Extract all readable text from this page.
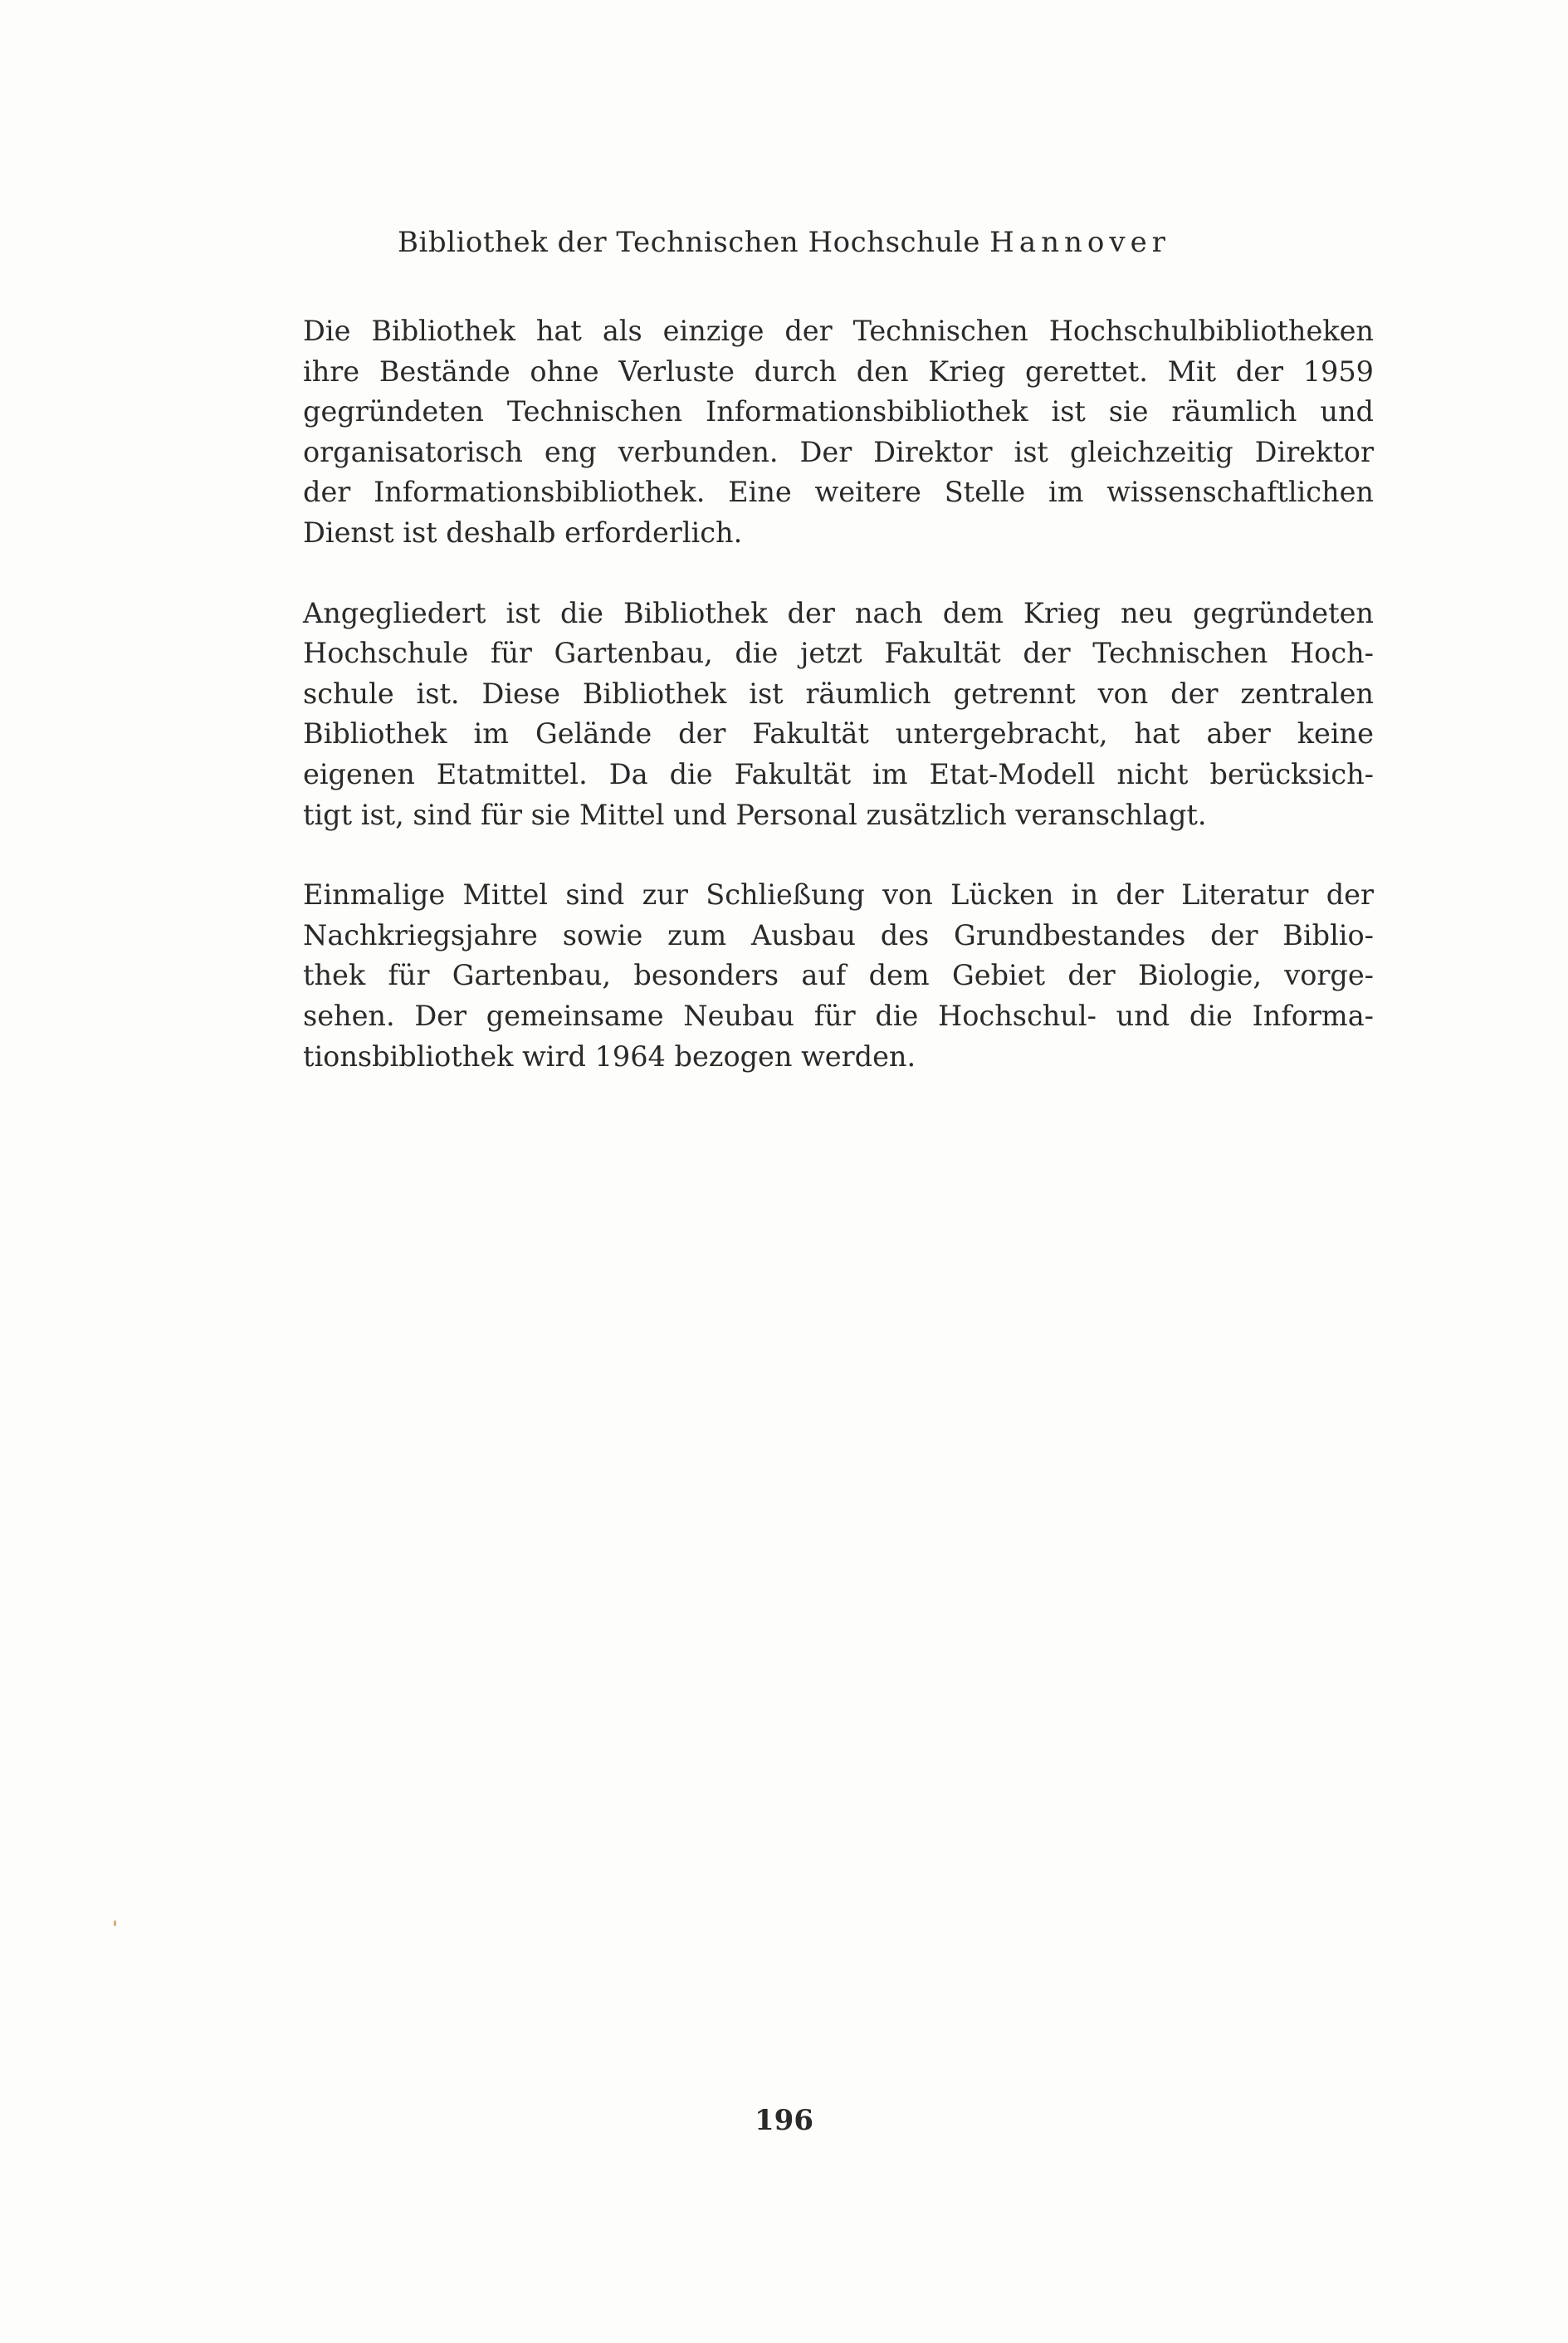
Bibliothek der Technischen Hochschule Hannover

Die Bibliothek hat als einzige der Technischen Hochschulbibliotheken
ihre Bestände ohne Verluste durch den Krieg gerettet. Mit der 1959
gegründeten Technischen Informationsbibliothek ist sie räumlich und
organisatorisch eng verbunden. Der Direktor ist gleichzeitig Direktor
der Informationsbibliothek. Eine weitere Stelle im wissenschaftlichen
Dienst ist deshalb erforderlich.

Angegliedert ist die Bibliothek der nach dem Krieg neu gegründeten
Hochschule für Gartenbau, die jetzt Fakultät der Technischen Hoch-
schule ist. Diese Bibliothek ist räumlich getrennt von der zentralen
Bibliothek im Gelände der Fakultät untergebracht, hat aber keine
eigenen Etatmittel. Da die Fakultät im Etat-Modell nicht berücksich-
tigt ist, sind für sie Mittel und Personal zusätzlich veranschlagt.

Einmalige Mittel sind zur Schließung von Lücken in der Literatur der
Nachkriegsjahre sowie zum Ausbau des Grundbestandes der Biblio-
thek für Gartenbau, besonders auf dem Gebiet der Biologie, vorge-
sehen. Der gemeinsame Neubau für die Hochschul- und die Informa-
tionsbibliothek wird 1964 bezogen werden.

196
